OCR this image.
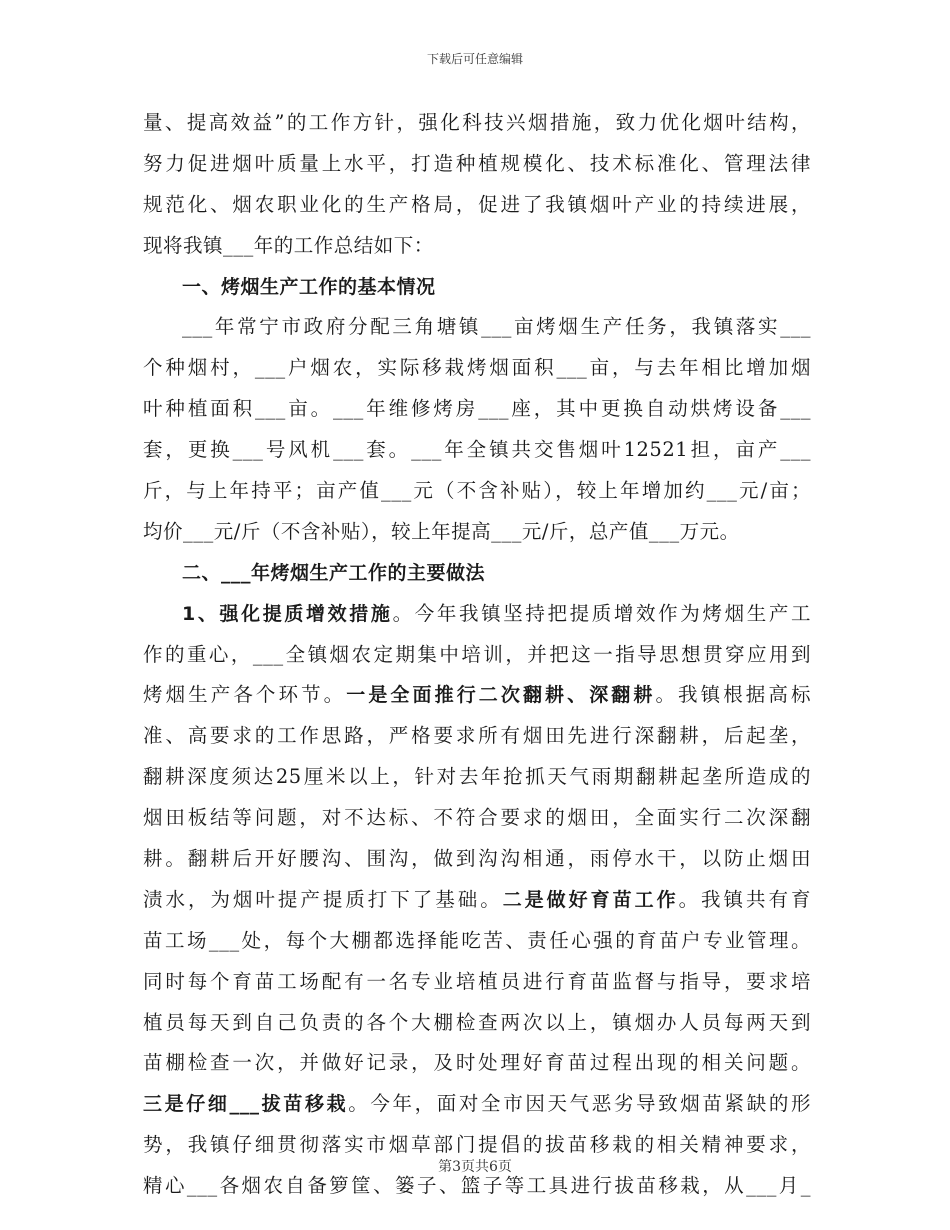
下载后可任意编辑
量、提高效益”的工作方针，强化科技兴烟措施，致力优化烟叶结构，
努力促进烟叶质量上水平，打造种植规模化、技术标准化、管理法律
规范化、烟农职业化的生产格局，促进了我镇烟叶产业的持续进展，
现将我镇___年的工作总结如下：
一、烤烟生产工作的基本情况
___年常宁市政府分配三角塘镇___亩烤烟生产任务，我镇落实___
个种烟村，___户烟农，实际移栽烤烟面积___亩，与去年相比增加烟
叶种植面积___亩。___年维修烤房___座，其中更换自动烘烤设备___
套，更换___号风机___套。___年全镇共交售烟叶12521担，亩产___
斤，与上年持平；亩产值___元（不含补贴），较上年增加约___元/亩；
均价___元/斤（不含补贴），较上年提高___元/斤，总产值___万元。
二、___年烤烟生产工作的主要做法
1、强化提质增效措施。今年我镇坚持把提质增效作为烤烟生产工
作的重心，___全镇烟农定期集中培训，并把这一指导思想贯穿应用到
烤烟生产各个环节。一是全面推行二次翻耕、深翻耕。我镇根据高标
准、高要求的工作思路，严格要求所有烟田先进行深翻耕，后起垄，
翻耕深度须达25厘米以上，针对去年抢抓天气雨期翻耕起垄所造成的
烟田板结等问题，对不达标、不符合要求的烟田，全面实行二次深翻
耕。翻耕后开好腰沟、围沟，做到沟沟相通，雨停水干，以防止烟田
渍水，为烟叶提产提质打下了基础。二是做好育苗工作。我镇共有育
苗工场___处，每个大棚都选择能吃苦、责任心强的育苗户专业管理。
同时每个育苗工场配有一名专业培植员进行育苗监督与指导，要求培
植员每天到自己负责的各个大棚检查两次以上，镇烟办人员每两天到
苗棚检查一次，并做好记录，及时处理好育苗过程出现的相关问题。
三是仔细___拔苗移栽。今年，面对全市因天气恶劣导致烟苗紧缺的形
势，我镇仔细贯彻落实市烟草部门提倡的拔苗移栽的相关精神要求，
精心___各烟农自备箩筐、篓子、篮子等工具进行拔苗移栽，从___月_
第3页共6页
